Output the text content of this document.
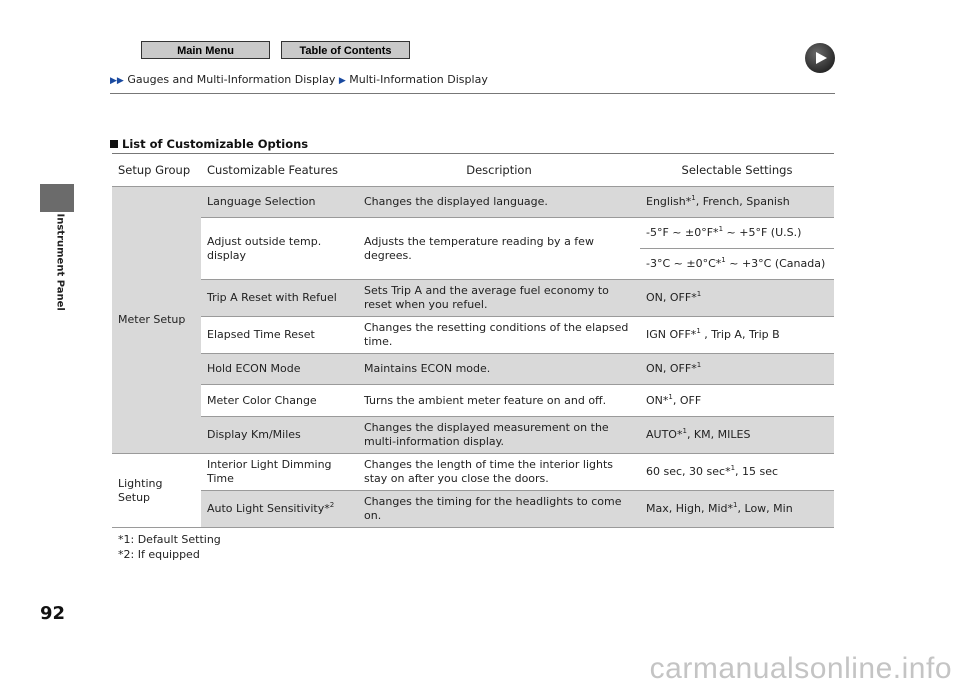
Main Menu	Table of Contents
▶▶ Gauges and Multi-Information Display ▶ Multi-Information Display
Instrument Panel
List of Customizable Options
Setup Group	Customizable Features	Description	Selectable Settings
Meter Setup	Language Selection	Changes the displayed language.	English*$^1$, French, Spanish
	Adjust outside temp. display	Adjusts the temperature reading by a few degrees.	-5°F ~ ±0°F*$^1$ ~ +5°F (U.S.)
			-3°C ~ ±0°C*$^1$ ~ +3°C (Canada)
	Trip A Reset with Refuel	Sets Trip A and the average fuel economy to reset when you refuel.	ON, OFF*$^1$
	Elapsed Time Reset	Changes the resetting conditions of the elapsed time.	IGN OFF*$^1$ , Trip A, Trip B
	Hold ECON Mode	Maintains ECON mode.	ON, OFF*$^1$
	Meter Color Change	Turns the ambient meter feature on and off.	ON*$^1$, OFF
	Display Km/Miles	Changes the displayed measurement on the multi-information display.	AUTO*$^1$, KM, MILES

Lighting Setup	Interior Light Dimming Time	Changes the length of time the interior lights stay on after you close the doors.	60 sec, 30 sec*$^1$, 15 sec
	Auto Light Sensitivity*$^2$	Changes the timing for the headlights to come on.	Max, High, Mid*$^1$, Low, Min
*1: Default Setting
*2: If equipped
92
carmanualsonline.info
